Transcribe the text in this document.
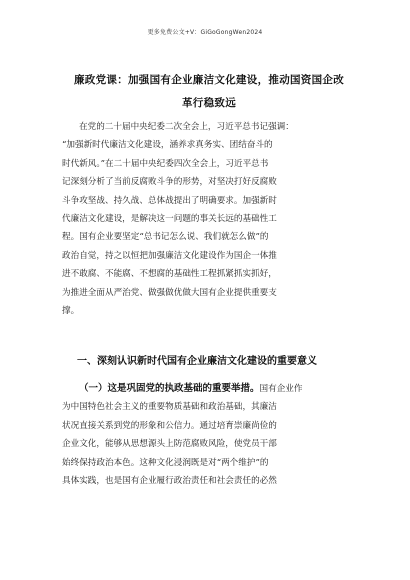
更多免费公文+V：GiGoGongWen2024
廉政党课：加强国有企业廉洁文化建设，推动国资国企改
革行稳致远
在党的二十届中央纪委二次全会上，习近平总书记强调：
“加强新时代廉洁文化建设，涵养求真务实、团结奋斗的
时代新风。”在二十届中央纪委四次全会上，习近平总书
记深刻分析了当前反腐败斗争的形势，对坚决打好反腐败
斗争攻坚战、持久战、总体战提出了明确要求。加强新时
代廉洁文化建设，是解决这一问题的事关长远的基础性工
程。国有企业要坚定“总书记怎么说、我们就怎么做”的
政治自觉，持之以恒把加强廉洁文化建设作为国企一体推
进不敢腐、不能腐、不想腐的基础性工程抓紧抓实抓好，
为推进全面从严治党、做强做优做大国有企业提供重要支
撑。
一、深刻认识新时代国有企业廉洁文化建设的重要意义
（一）这是巩固党的执政基础的重要举措。国有企业作
为中国特色社会主义的重要物质基础和政治基础，其廉洁
状况直接关系到党的形象和公信力。通过培育崇廉尚俭的
企业文化，能够从思想源头上防范腐败风险，使党员干部
始终保持政治本色。这种文化浸润既是对“两个维护”的
具体实践，也是国有企业履行政治责任和社会责任的必然
